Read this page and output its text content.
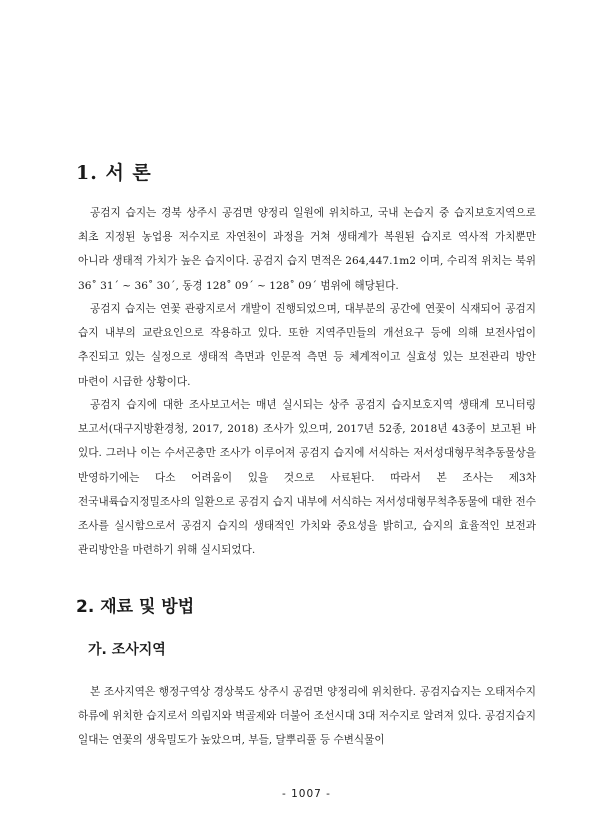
1. 서 론

공검지 습지는 경북 상주시 공검면 양정리 일원에 위치하고, 국내 논습지 중 습지보호지역으로 최초 지정된 농업용 저수지로 자연천이 과정을 거쳐 생태계가 복원된 습지로 역사적 가치뿐만 아니라 생태적 가치가 높은 습지이다. 공검지 습지 면적은 264,447.1m2 이며, 수리적 위치는 북위 36˚ 31΄ ~ 36˚ 30΄, 동경 128˚ 09΄ ~ 128˚ 09΄ 범위에 해당된다.

공검지 습지는 연꽃 관광지로서 개발이 진행되었으며, 대부분의 공간에 연꽃이 식재되어 공검지 습지 내부의 교란요인으로 작용하고 있다. 또한 지역주민들의 개선요구 등에 의해 보전사업이 추진되고 있는 실정으로 생태적 측면과 인문적 측면 등 체계적이고 실효성 있는 보전관리 방안 마련이 시급한 상황이다.

공검지 습지에 대한 조사보고서는 매년 실시되는 상주 공검지 습지보호지역 생태계 모니터링 보고서(대구지방환경청, 2017, 2018) 조사가 있으며, 2017년 52종, 2018년 43종이 보고된 바 있다. 그러나 이는 수서곤충만 조사가 이루어져 공검지 습지에 서식하는 저서성대형무척추동물상을 반영하기에는 다소 어려움이 있을 것으로 사료된다. 따라서 본 조사는 제3차 전국내륙습지정밀조사의 일환으로 공검지 습지 내부에 서식하는 저서성대형무척추동물에 대한 전수 조사를 실시함으로서 공검지 습지의 생태적인 가치와 중요성을 밝히고, 습지의 효율적인 보전과 관리방안을 마련하기 위해 실시되었다.

2. 재료 및 방법
가. 조사지역

본 조사지역은 행정구역상 경상북도 상주시 공검면 양정리에 위치한다. 공검지습지는 오태저수지 하류에 위치한 습지로서 의림지와 벽골제와 더불어 조선시대 3대 저수지로 알려져 있다. 공검지습지 일대는 연꽃의 생육밀도가 높았으며, 부들, 달뿌리풀 등 수변식물이

- 1007 -
